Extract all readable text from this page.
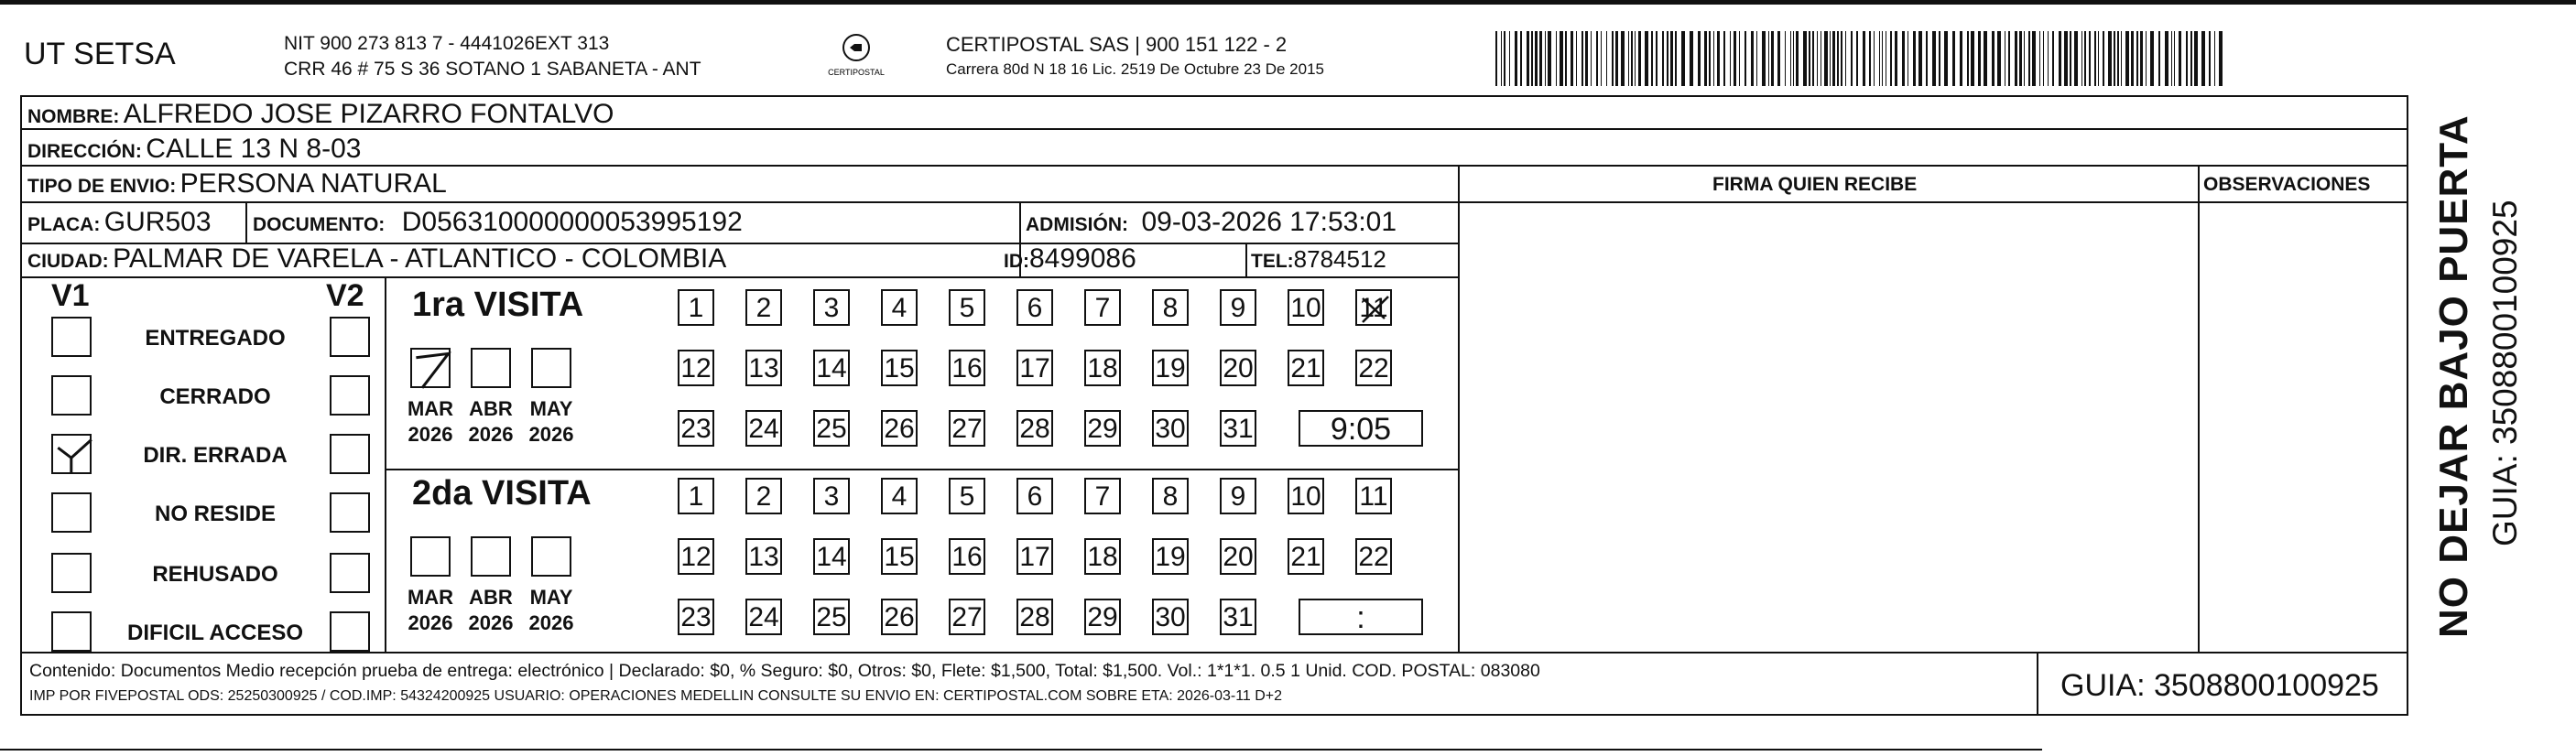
UT SETSA	NIT 900 273 813 7 - 4441026EXT 313
CRR 46 # 75 S 36 SOTANO 1 SABANETA - ANT	CERTIPOSTAL
CERTIPOSTAL SAS | 900 151 122 - 2
Carrera 80d N 18 16 Lic. 2519 De Octubre 23 De 2015
NOMBRE: ALFREDO JOSE PIZARRO FONTALVO
DIRECCIÓN: CALLE 13 N 8-03
TIPO DE ENVIO: PERSONA NATURAL	FIRMA QUIEN RECIBE	OBSERVACIONES
PLACA: GUR503 DOCUMENTO: D056310000000053995192	ADMISIÓN: 09-03-2026 17:53:01
CIUDAD: PALMAR DE VARELA - ATLANTICO - COLOMBIA	ID:8499086	TEL:8784512
V1	V2
ENTREGADO
CERRADO
DIR. ERRADA
NO RESIDE
REHUSADO
DIFICIL ACCESO
1ra VISITA
MAR
2026
ABR
2026
MAY
2026
1	2	3	4	5	6	7	8	9	10 11
12 13 14 15 16 17 18 19 20 21 22
23 24 25 26 27 28 29 30 31	9:05
2da VISITA
MAR
2026
ABR
2026
MAY
2026
1	2	3	4	5	6	7	8	9	10 11
12 13 14 15 16 17 18 19 20 21 22
23 24 25 26 27 28 29 30 31	:
Contenido: Documentos Medio recepción prueba de entrega: electrónico | Declarado: $0, % Seguro: $0, Otros: $0, Flete: $1,500, Total: $1,500. Vol.: 1*1*1. 0.5 1 Unid. COD. POSTAL: 083080
IMP POR FIVEPOSTAL ODS: 25250300925 / COD.IMP: 54324200925 USUARIO: OPERACIONES MEDELLIN CONSULTE SU ENVIO EN: CERTIPOSTAL.COM SOBRE ETA: 2026-03-11 D+2	GUIA: 3508800100925
NO DEJAR BAJO PUERTA GUIA: 3508800100925
